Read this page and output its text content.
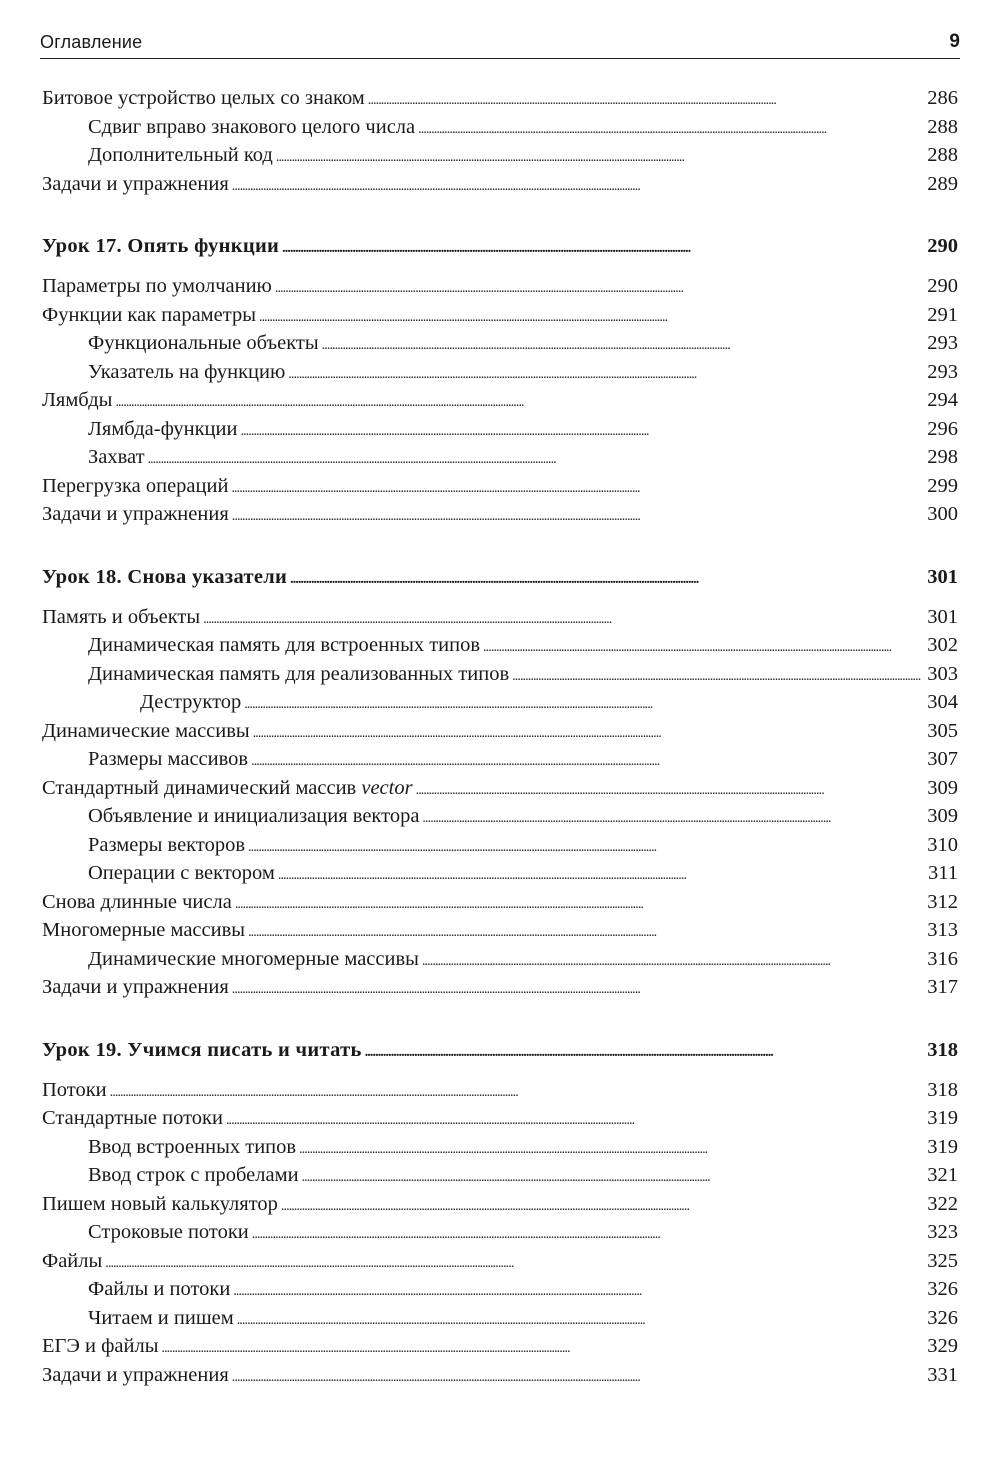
Оглавление	9
Битовое устройство целых со знаком . . .	286
Сдвиг вправо знакового целого числа . . .	288
Дополнительный код . . .	288
Задачи и упражнения . . .	289
Урок 17. Опять функции . . .	290
Параметры по умолчанию . . .	290
Функции как параметры . . .	291
Функциональные объекты . . .	293
Указатель на функцию . . .	293
Лямбды . . .	294
Лямбда-функции . . .	296
Захват . . .	298
Перегрузка операций . . .	299
Задачи и упражнения . . .	300
Урок 18. Снова указатели . . .	301
Память и объекты . . .	301
Динамическая память для встроенных типов . . .	302
Динамическая память для реализованных типов . . .	303
Деструктор . . .	304
Динамические массивы . . .	305
Размеры массивов . . .	307
Стандартный динамический массив vector . . .	309
Объявление и инициализация вектора . . .	309
Размеры векторов . . .	310
Операции с вектором . . .	311
Снова длинные числа . . .	312
Многомерные массивы . . .	313
Динамические многомерные массивы . . .	316
Задачи и упражнения . . .	317
Урок 19. Учимся писать и читать . . .	318
Потоки . . .	318
Стандартные потоки . . .	319
Ввод встроенных типов . . .	319
Ввод строк с пробелами . . .	321
Пишем новый калькулятор . . .	322
Строковые потоки . . .	323
Файлы . . .	325
Файлы и потоки . . .	326
Читаем и пишем . . .	326
ЕГЭ и файлы . . .	329
Задачи и упражнения . . .	331
